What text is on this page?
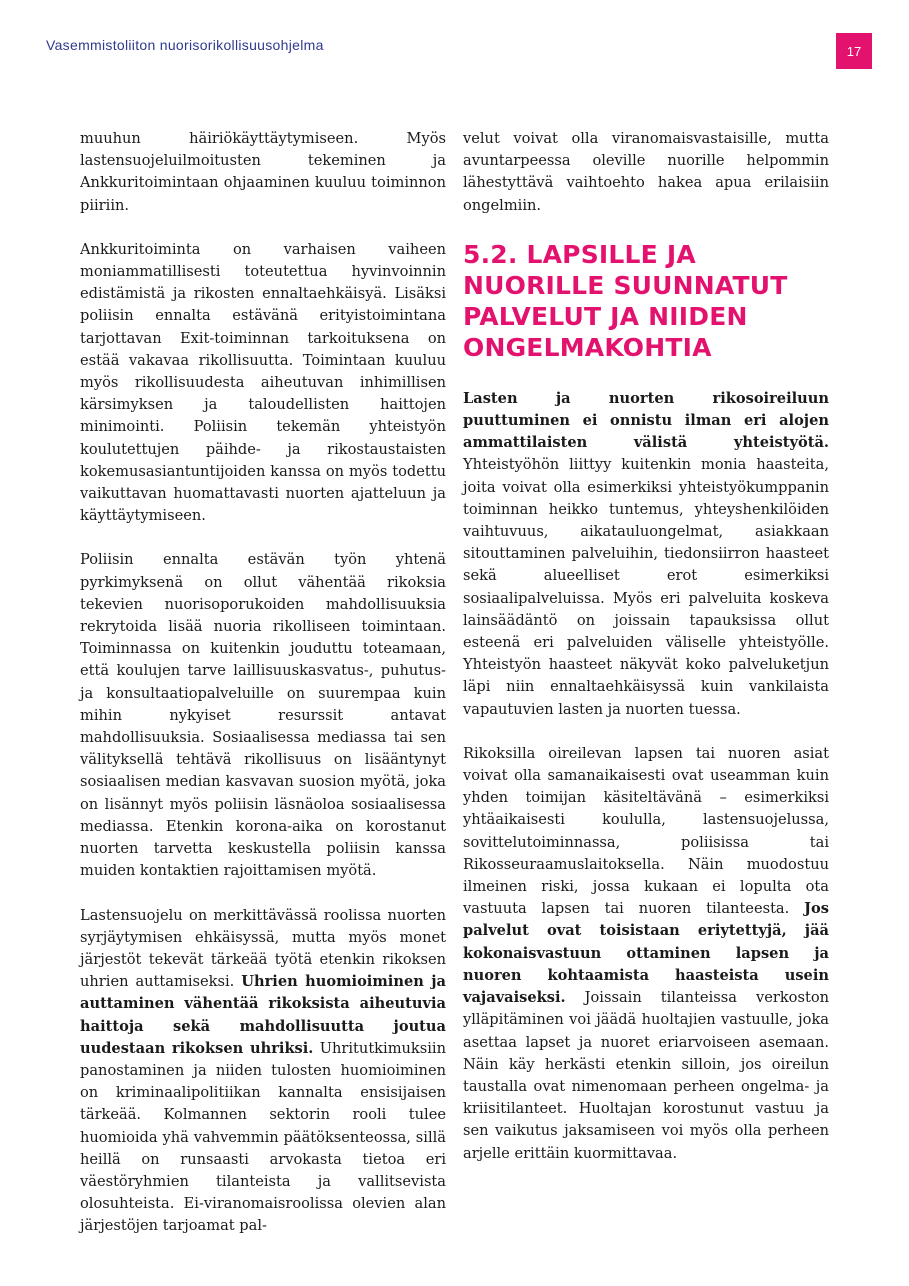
Vasemmistoliiton nuorisorikollisuusohjelma	17

muuhun häiriökäyttäytymiseen. Myös lastensuojeluilmoitusten tekeminen ja Ankkuritoimintaan ohjaaminen kuuluu toiminnon piiriin.

Ankkuritoiminta on varhaisen vaiheen moniammatillisesti toteutettua hyvinvoinnin edistämistä ja rikosten ennaltaehkäisyä. Lisäksi poliisin ennalta estävänä erityistoimintana tarjottavan Exit-toiminnan tarkoituksena on estää vakavaa rikollisuutta. Toimintaan kuuluu myös rikollisuudesta aiheutuvan inhimillisen kärsimyksen ja taloudellisten haittojen minimointi. Poliisin tekemän yhteistyön koulutettujen päihde- ja rikostaustaisten kokemusasiantuntijoiden kanssa on myös todettu vaikuttavan huomattavasti nuorten ajatteluun ja käyttäytymiseen.

Poliisin ennalta estävän työn yhtenä pyrkimyksenä on ollut vähentää rikoksia tekevien nuorisoporukoiden mahdollisuuksia rekrytoida lisää nuoria rikolliseen toimintaan. Toiminnassa on kuitenkin jouduttu toteamaan, että koulujen tarve laillisuuskasvatus-, puhutus- ja konsultaatiopalveluille on suurempaa kuin mihin nykyiset resurssit antavat mahdollisuuksia. Sosiaalisessa mediassa tai sen välityksellä tehtävä rikollisuus on lisääntynyt sosiaalisen median kasvavan suosion myötä, joka on lisännyt myös poliisin läsnäoloa sosiaalisessa mediassa. Etenkin korona-aika on korostanut nuorten tarvetta keskustella poliisin kanssa muiden kontaktien rajoittamisen myötä.

Lastensuojelu on merkittävässä roolissa nuorten syrjäytymisen ehkäisyssä, mutta myös monet järjestöt tekevät tärkeää työtä etenkin rikoksen uhrien auttamiseksi. Uhrien huomioiminen ja auttaminen vähentää rikoksista aiheutuvia haittoja sekä mahdollisuutta joutua uudestaan rikoksen uhriksi. Uhritutkimuksiin panostaminen ja niiden tulosten huomioiminen on kriminaalipolitiikan kannalta ensisijaisen tärkeää. Kolmannen sektorin rooli tulee huomioida yhä vahvemmin päätöksenteossa, sillä heillä on runsaasti arvokasta tietoa eri väestöryhmien tilanteista ja vallitsevista olosuhteista. Ei-viranomaisroolissa olevien alan järjestöjen tarjoamat pal-

velut voivat olla viranomaisvastaisille, mutta avuntarpeessa oleville nuorille helpommin lähestyttävä vaihtoehto hakea apua erilaisiin ongelmiin.

5.2. LAPSILLE JA NUORILLE SUUNNATUT PALVELUT JA NIIDEN ONGELMAKOHTIA

Lasten ja nuorten rikosoireiluun puuttuminen ei onnistu ilman eri alojen ammattilaisten välistä yhteistyötä. Yhteistyöhön liittyy kuitenkin monia haasteita, joita voivat olla esimerkiksi yhteistyökumppanin toiminnan heikko tuntemus, yhteyshenkilöiden vaihtuvuus, aikatauluongelmat, asiakkaan sitouttaminen palveluihin, tiedonsiirron haasteet sekä alueelliset erot esimerkiksi sosiaalipalveluissa. Myös eri palveluita koskeva lainsäädäntö on joissain tapauksissa ollut esteenä eri palveluiden väliselle yhteistyölle. Yhteistyön haasteet näkyvät koko palveluketjun läpi niin ennaltaehkäisyssä kuin vankilaista vapautuvien lasten ja nuorten tuessa.

Rikoksilla oireilevan lapsen tai nuoren asiat voivat olla samanaikaisesti ovat useamman kuin yhden toimijan käsiteltävänä – esimerkiksi yhtäaikaisesti koululla, lastensuojelussa, sovittelutoiminnassa, poliisissa tai Rikosseuraamuslaitoksella. Näin muodostuu ilmeinen riski, jossa kukaan ei lopulta ota vastuuta lapsen tai nuoren tilanteesta. Jos palvelut ovat toisistaan eriytettyjä, jää kokonaisvastuun ottaminen lapsen ja nuoren kohtaamista haasteista usein vajavaiseksi. Joissain tilanteissa verkoston ylläpitäminen voi jäädä huoltajien vastuulle, joka asettaa lapset ja nuoret eriarvoiseen asemaan. Näin käy herkästi etenkin silloin, jos oireilun taustalla ovat nimenomaan perheen ongelma- ja kriisitilanteet. Huoltajan korostunut vastuu ja sen vaikutus jaksamiseen voi myös olla perheen arjelle erittäin kuormittavaa.
